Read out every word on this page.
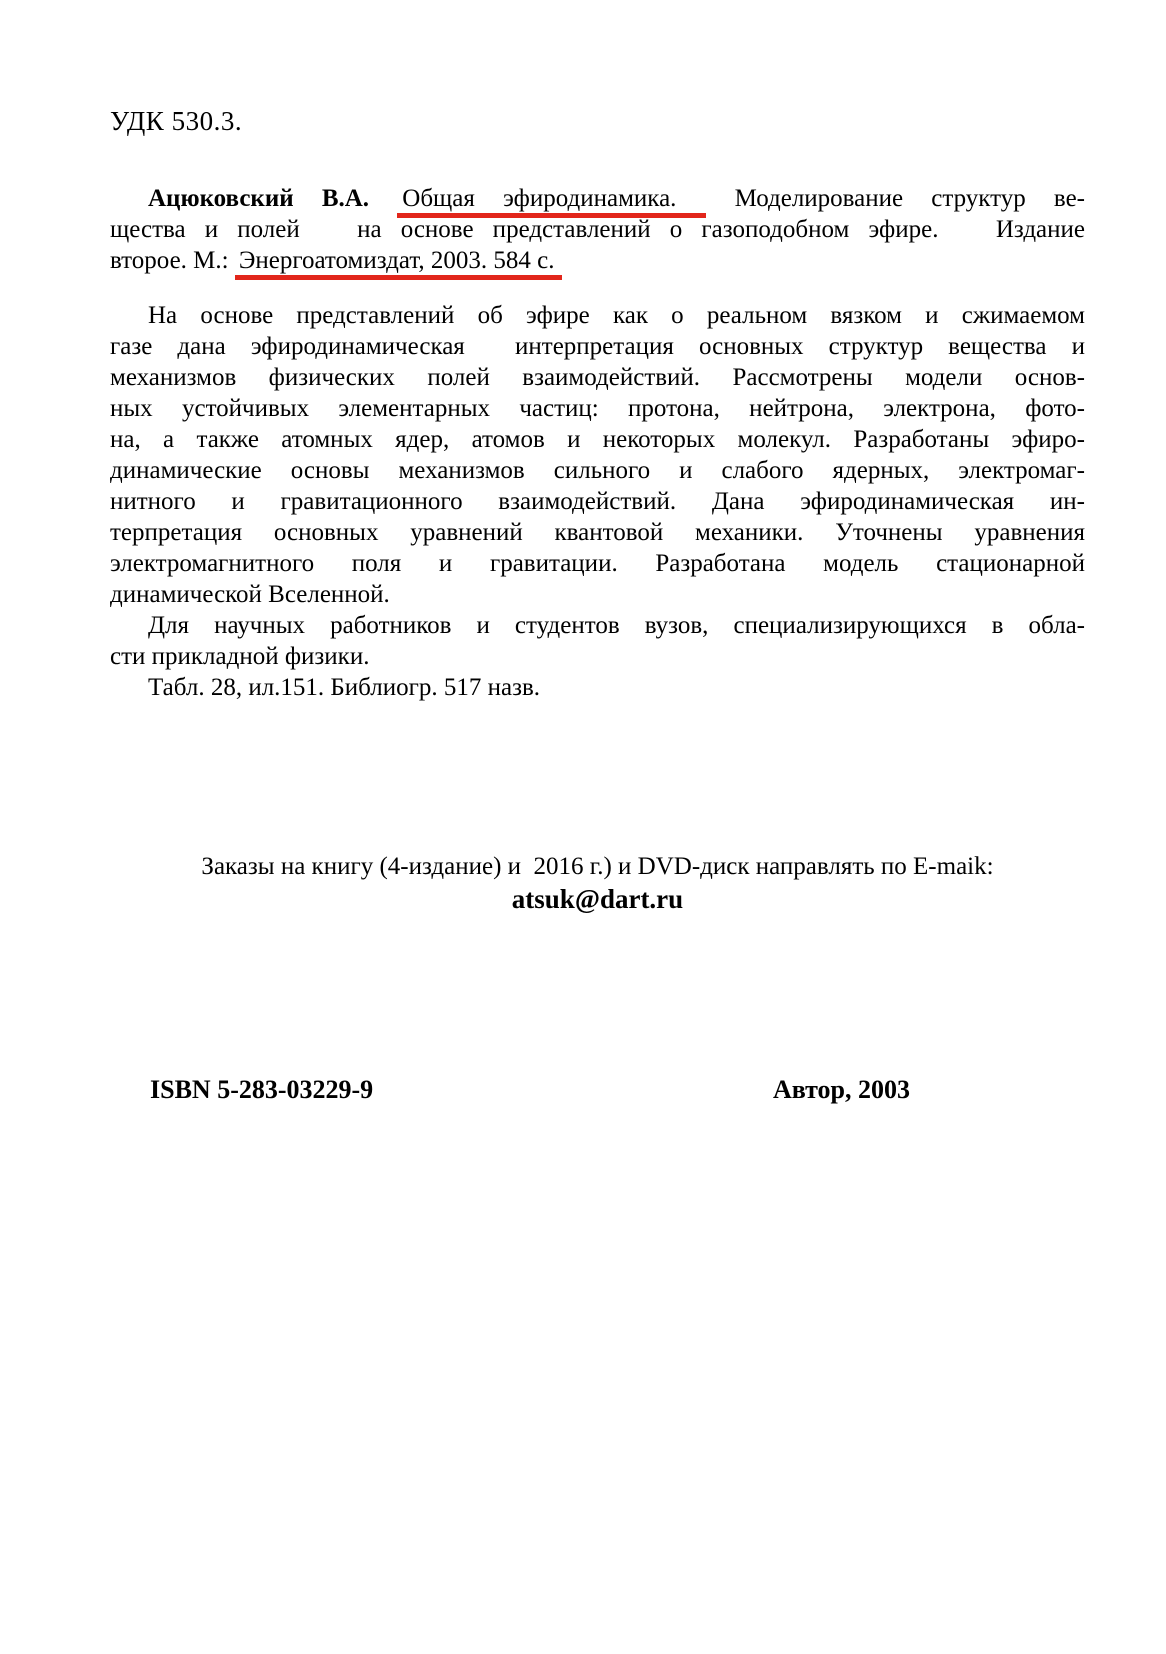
УДК 530.3.
Ацюковский В.А. Общая эфиродинамика. Моделирование структур ве-
щества и полей   на основе представлений о газоподобном эфире.   Издание
второе. М.: Энергоатомиздат, 2003. 584 с.
На основе представлений об эфире как о реальном вязком и сжимаемом
газе дана эфиродинамическая  интерпретация основных структур вещества и
механизмов физических полей взаимодействий. Рассмотрены модели основ-
ных устойчивых элементарных частиц: протона, нейтрона, электрона, фото-
на, а также атомных ядер, атомов и некоторых молекул. Разработаны эфиро-
динамические основы механизмов сильного и слабого ядерных, электромаг-
нитного и гравитационного взаимодействий. Дана эфиродинамическая ин-
терпретация основных уравнений квантовой механики. Уточнены уравнения
электромагнитного поля и гравитации. Разработана модель стационарной
динамической Вселенной.
Для научных работников и студентов вузов, специализирующихся в обла-
сти прикладной физики.
Табл. 28, ил.151. Библиогр. 517 назв.
Заказы на книгу (4-издание) и  2016 г.) и DVD-диск направлять по E-maik:
atsuk@dart.ru
ISBN 5-283-03229-9	Автор, 2003
